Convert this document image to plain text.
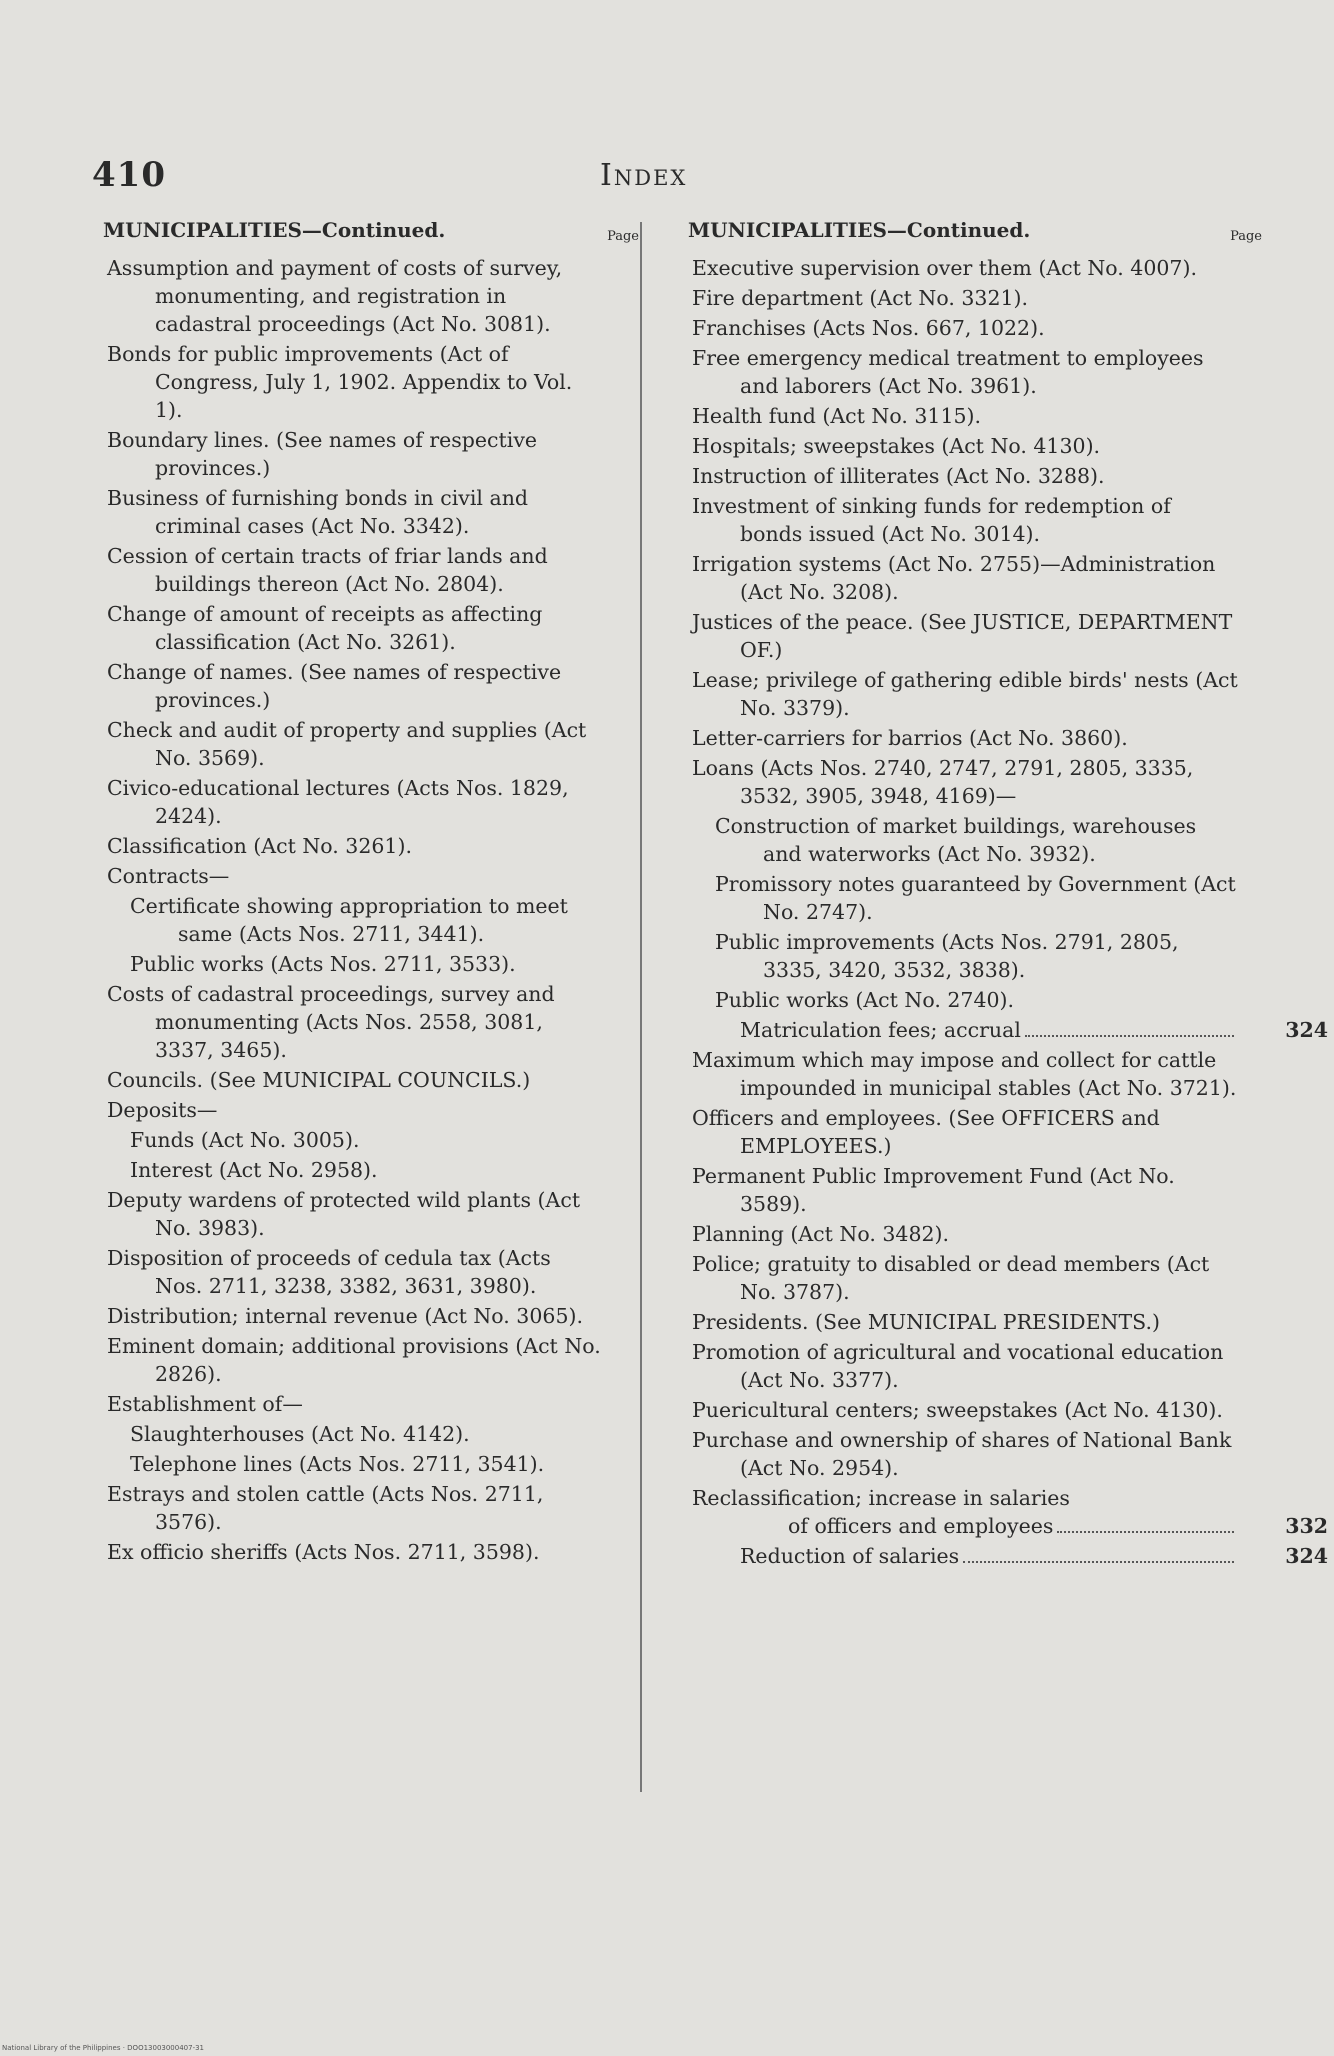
410	Index
MUNICIPALITIES—Continued.	Page
Assumption and payment of costs of survey, monumenting, and registration in cadastral proceedings (Act No. 3081).
Bonds for public improvements (Act of Congress, July 1, 1902. Appendix to Vol. 1).
Boundary lines. (See names of respective provinces.)
Business of furnishing bonds in civil and criminal cases (Act No. 3342).
Cession of certain tracts of friar lands and buildings thereon (Act No. 2804).
Change of amount of receipts as affecting classification (Act No. 3261).
Change of names. (See names of respective provinces.)
Check and audit of property and supplies (Act No. 3569).
Civico-educational lectures (Acts Nos. 1829, 2424).
Classification (Act No. 3261).
Contracts—
Certificate showing appropriation to meet same (Acts Nos. 2711, 3441).
Public works (Acts Nos. 2711, 3533).
Costs of cadastral proceedings, survey and monumenting (Acts Nos. 2558, 3081, 3337, 3465).
Councils. (See MUNICIPAL COUNCILS.)
Deposits—
Funds (Act No. 3005).
Interest (Act No. 2958).
Deputy wardens of protected wild plants (Act No. 3983).
Disposition of proceeds of cedula tax (Acts Nos. 2711, 3238, 3382, 3631, 3980).
Distribution; internal revenue (Act No. 3065).
Eminent domain; additional provisions (Act No. 2826).
Establishment of—
Slaughterhouses (Act No. 4142).
Telephone lines (Acts Nos. 2711, 3541).
Estrays and stolen cattle (Acts Nos. 2711, 3576).
Ex officio sheriffs (Acts Nos. 2711, 3598).
MUNICIPALITIES—Continued.	Page
Executive supervision over them (Act No. 4007).
Fire department (Act No. 3321).
Franchises (Acts Nos. 667, 1022).
Free emergency medical treatment to employees and laborers (Act No. 3961).
Health fund (Act No. 3115).
Hospitals; sweepstakes (Act No. 4130).
Instruction of illiterates (Act No. 3288).
Investment of sinking funds for redemption of bonds issued (Act No. 3014).
Irrigation systems (Act No. 2755)—Administration (Act No. 3208).
Justices of the peace. (See JUSTICE, DEPARTMENT OF.)
Lease; privilege of gathering edible birds' nests (Act No. 3379).
Letter-carriers for barrios (Act No. 3860).
Loans (Acts Nos. 2740, 2747, 2791, 2805, 3335, 3532, 3905, 3948, 4169)—
Construction of market buildings, warehouses and waterworks (Act No. 3932).
Promissory notes guaranteed by Government (Act No. 2747).
Public improvements (Acts Nos. 2791, 2805, 3335, 3420, 3532, 3838).
Public works (Act No. 2740).
Matriculation fees; accrual	324
Maximum which may impose and collect for cattle impounded in municipal stables (Act No. 3721).
Officers and employees. (See OFFICERS and EMPLOYEES.)
Permanent Public Improvement Fund (Act No. 3589).
Planning (Act No. 3482).
Police; gratuity to disabled or dead members (Act No. 3787).
Presidents. (See MUNICIPAL PRESIDENTS.)
Promotion of agricultural and vocational education (Act No. 3377).
Puericultural centers; sweepstakes (Act No. 4130).
Purchase and ownership of shares of National Bank (Act No. 2954).
Reclassification; increase in salaries
of officers and employees	332
Reduction of salaries	324
National Library of the Philippines · DOO13003000407-31
